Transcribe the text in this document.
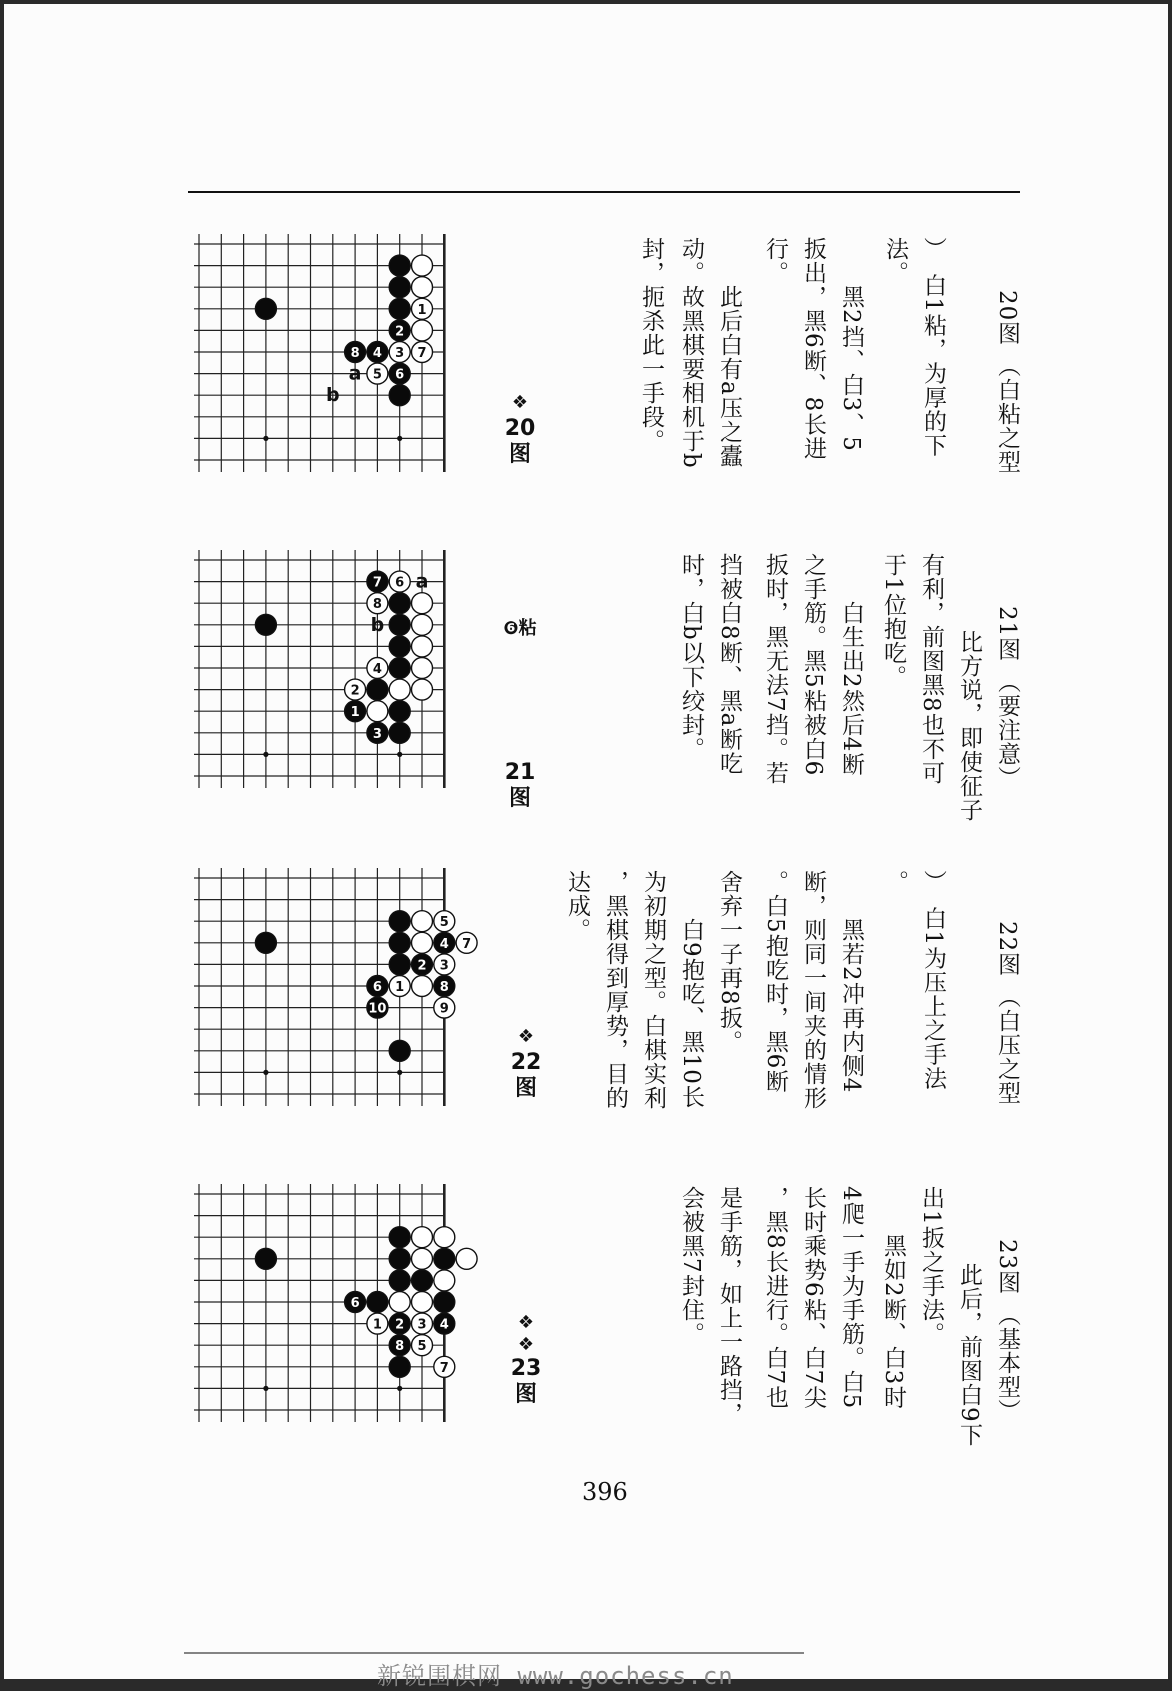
1
2
8 4 3 7
5 6
a
b	❖
20
图	20图 （白粘之型
）　白1粘，为厚的下
法。
　　黑2挡、白3、5
扳出，黑6断、8长进
行。
　　此后白有a压之蠹
动。故黑棋要相机于b
封，扼杀此一手段。
7 6
8
4
2
1
3
a
b	❻粘
21
图
21图 （要注意）
　比方说，即使征子
有利，前图黑8也不可
于1位抱吃。
　　白生出2然后4断
之手筋。黑5粘被白6
扳时，黑无法7挡。若
挡被白8断、黑a断吃
时，白b以下绞封。
5
4 7
2 3
6 1	8
10	9
❖
22
图	22图 （白压之型
）　白1为压上之手法
。
　　黑若2冲再内侧4
断，则同一间夹的情形
。白5抱吃时，黑6断
舍弃一子再8扳。
　　白9抱吃、黑10长
为初期之型。白棋实利
，黑棋得到厚势，目的
达成。
6
1 2 3 4
8 5
7
❖
❖
23
图	23图 （基本型）
　此后，前图白9下
出1扳之手法。
　　黑如2断、白3时
4爬一手为手筋。白5
长时乘势6粘、白7尖
，黑8长进行。白7也
是手筋，如上一路挡，
会被黑7封住。
396
新锐围棋网 www.gochess.cn
